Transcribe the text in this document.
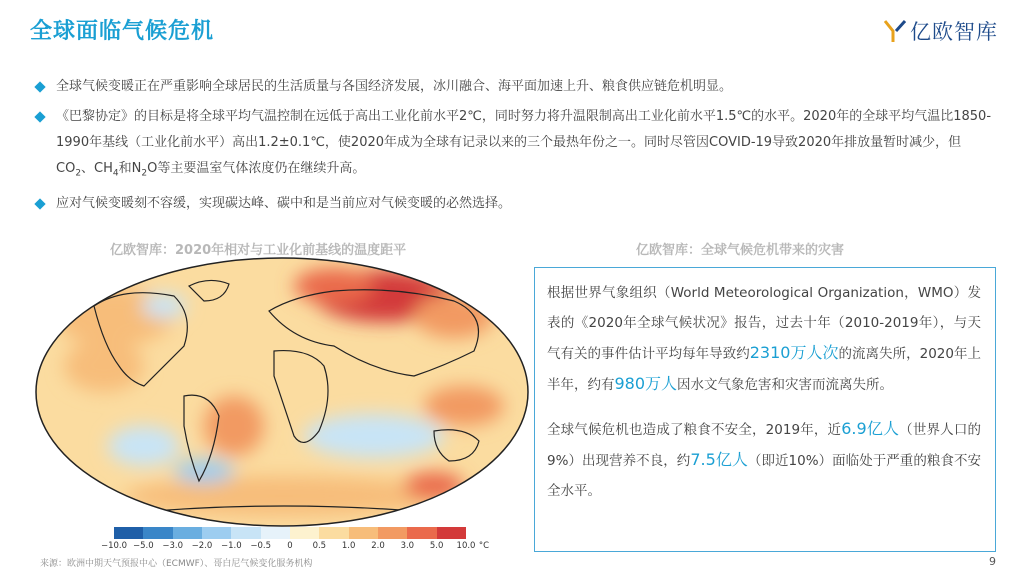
全球面临气候危机	亿欧智库
全球气候变暖正在严重影响全球居民的生活质量与各国经济发展，冰川融合、海平面加速上升、粮食供应链危机明显。
《巴黎协定》的目标是将全球平均气温控制在远低于高出工业化前水平2℃，同时努力将升温限制高出工业化前水平1.5℃的水平。2020年的全球平均气温比1850-1990年基线（工业化前水平）高出1.2±0.1℃，使2020年成为全球有记录以来的三个最热年份之一。同时尽管因COVID-19导致2020年排放量暂时减少，但$CO_2$、$CH_4$和$N_2O$等主要温室气体浓度仍在继续升高。
应对气候变暖刻不容缓，实现碳达峰、碳中和是当前应对气候变暖的必然选择。
亿欧智库：2020年相对与工业化前基线的温度距平	亿欧智库：全球气候危机带来的灾害
−10.0 −5.0 −3.0 −2.0 −1.0 −0.5 0 0.5 1.0 2.0 3.0 5.0 10.0 °C
来源：欧洲中期天气预报中心（ECMWF）、哥白尼气候变化服务机构	9
根据世界气象组织（World Meteorological Organization，WMO）发表的《2020年全球气候状况》报告，过去十年（2010-2019年），与天气有关的事件估计平均每年导致约2310万人次的流离失所，2020年上半年，约有980万人因水文气象危害和灾害而流离失所。
全球气候危机也造成了粮食不安全，2019年，近6.9亿人（世界人口的9%）出现营养不良，约7.5亿人（即近10%）面临处于严重的粮食不安全水平。
